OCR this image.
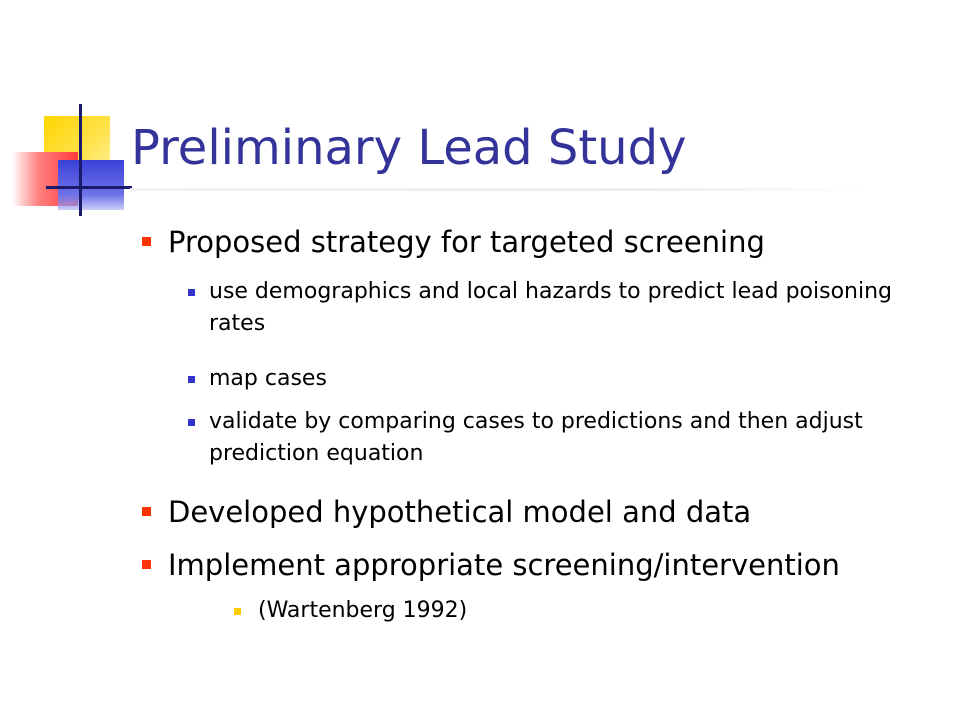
Preliminary Lead Study
Proposed strategy for targeted screening
use demographics and local hazards to predict lead poisoning rates
map cases
validate by comparing cases to predictions and then adjust prediction equation
Developed hypothetical model and data
Implement appropriate screening/intervention
(Wartenberg 1992)
